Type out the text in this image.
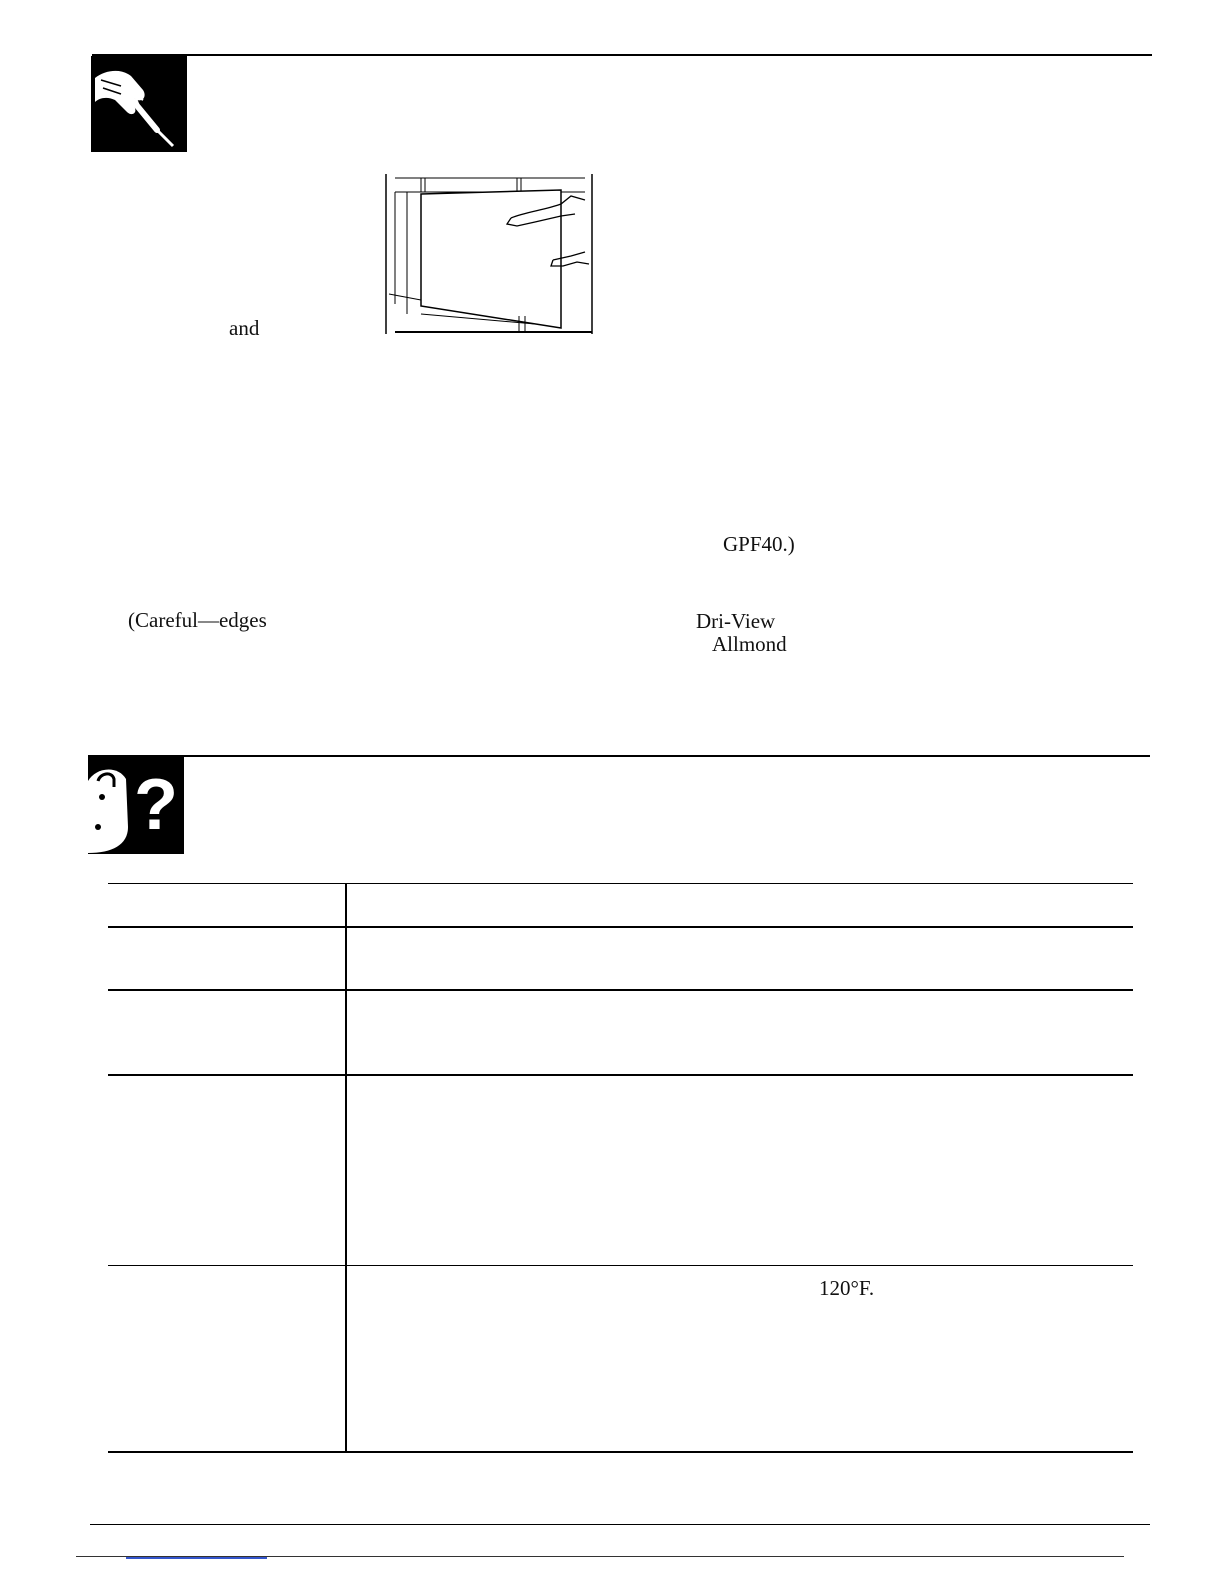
and
(Careful—edges
GPF40.)
Dri-View
Allmond
?
120°F.
